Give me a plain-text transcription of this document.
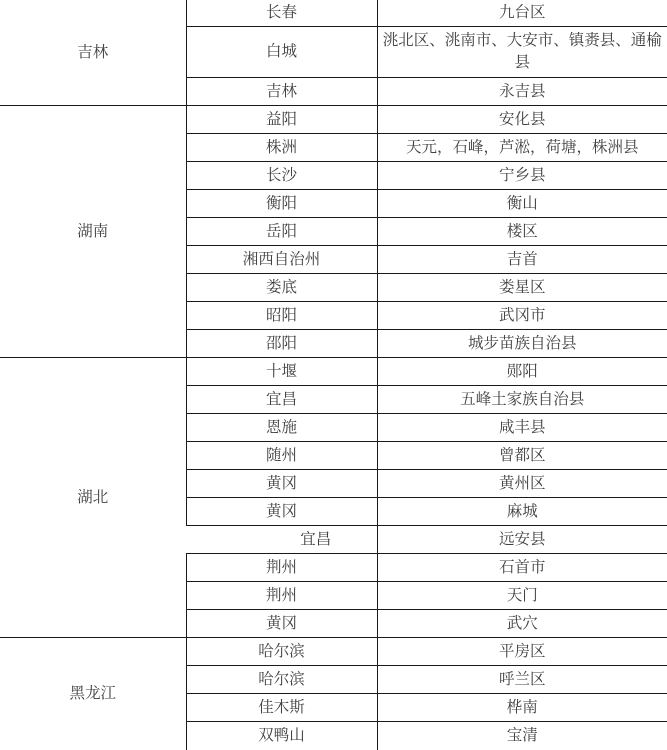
吉林	长春	九台区
	白城	洮北区、洮南市、大安市、镇赉县、通榆县
	吉林	永吉县
湖南	益阳	安化县
	株洲	天元，石峰，芦淞，荷塘，株洲县
	长沙	宁乡县
	衡阳	衡山
	岳阳	楼区
	湘西自治州	吉首
	娄底	娄星区
	昭阳	武冈市
	邵阳	城步苗族自治县
湖北	十堰	郧阳
	宜昌	五峰土家族自治县
	恩施	咸丰县
	随州	曾都区
	黄冈	黄州区
	黄冈	麻城
	宜昌	远安县
	荆州	石首市
	荆州	天门
	黄冈	武穴
黑龙江	哈尔滨	平房区
	哈尔滨	呼兰区
	佳木斯	桦南
	双鸭山	宝清
